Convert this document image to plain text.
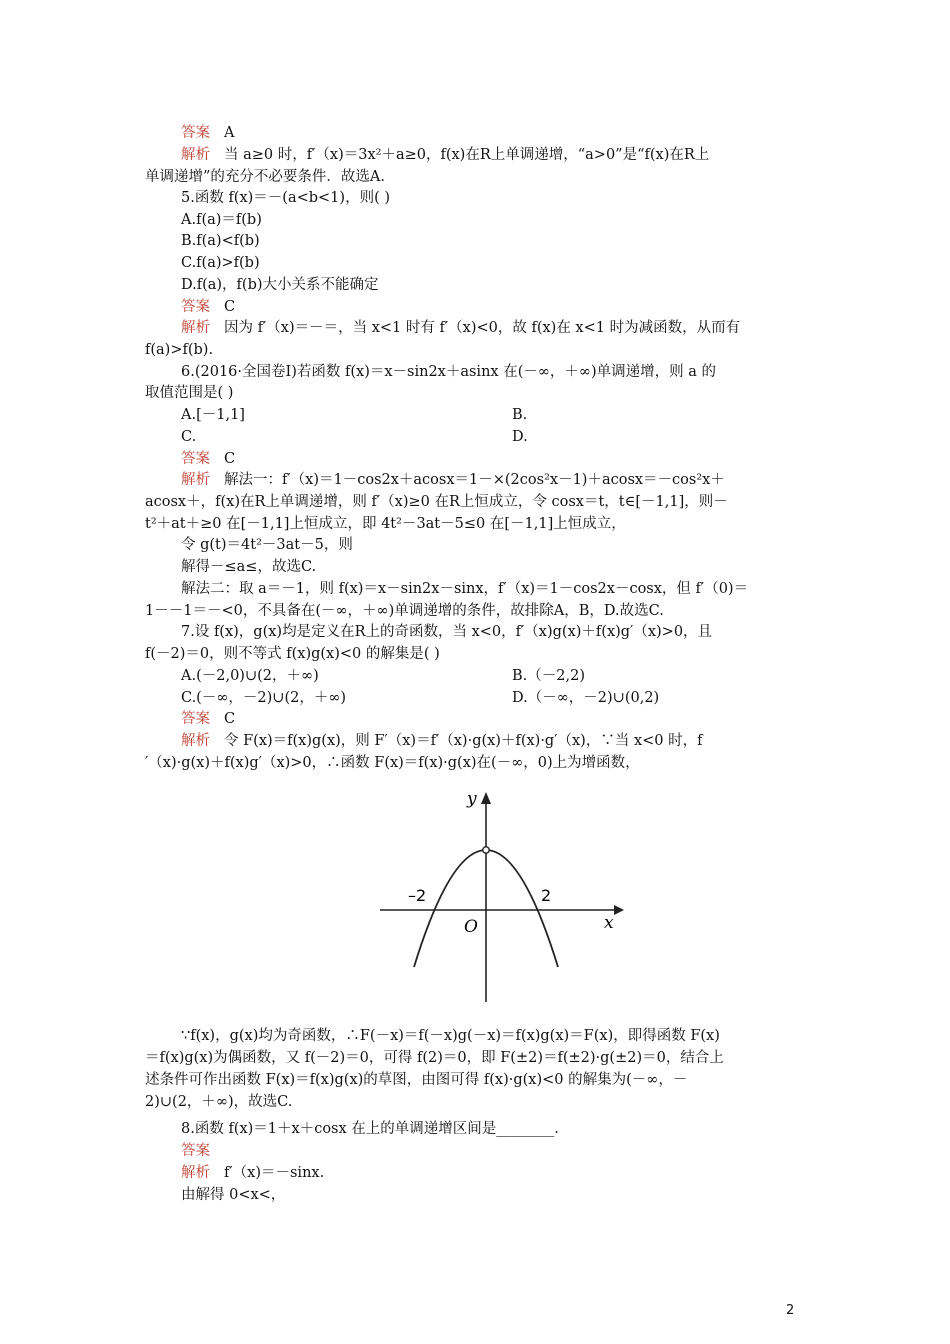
答案 A
解析 当 a≥0 时，f′（x)＝3x²＋a≥0，f(x)在R上单调递增，“a>0”是“f(x)在R上
单调递增”的充分不必要条件．故选A.
5.函数 f(x)＝－(a<b<1)，则( )
A.f(a)＝f(b)
B.f(a)<f(b)
C.f(a)>f(b)
D.f(a)，f(b)大小关系不能确定
答案 C
解析 因为 f′（x)＝－＝，当 x<1 时有 f′（x)<0，故 f(x)在 x<1 时为减函数，从而有
f(a)>f(b).
6.(2016·全国卷Ⅰ)若函数 f(x)＝x－sin2x＋asinx 在(－∞，＋∞)单调递增，则 a 的
取值范围是( )
A.[－1,1]	B.
C.	D.
答案 C
解析 解法一：f′（x)＝1－cos2x＋acosx＝1－×(2cos²x－1)＋acosx＝－cos²x＋
acosx＋，f(x)在R上单调递增，则 f′（x)≥0 在R上恒成立，令 cosx＝t，t∈[－1,1]，则－
t²＋at＋≥0 在[－1,1]上恒成立，即 4t²－3at－5≤0 在[－1,1]上恒成立，
令 g(t)＝4t²－3at－5，则
解得－≤a≤，故选C.
解法二：取 a＝－1，则 f(x)＝x－sin2x－sinx，f′（x)＝1－cos2x－cosx，但 f′（0)＝
1－－1＝－<0，不具备在(－∞，＋∞)单调递增的条件，故排除A，B，D.故选C.
7.设 f(x)，g(x)均是定义在R上的奇函数，当 x<0，f′（x)g(x)＋f(x)g′（x)>0，且
f(－2)＝0，则不等式 f(x)g(x)<0 的解集是( )
A.(－2,0)∪(2，＋∞)	B.（－2,2)
C.(－∞，－2)∪(2，＋∞)	D.（－∞，－2)∪(0,2)
答案 C
解析 令 F(x)＝f(x)g(x)，则 F′（x)＝f′（x)·g(x)＋f(x)·g′（x)，∵当 x<0 时，f
′（x)·g(x)＋f(x)g′（x)>0，∴函数 F(x)＝f(x)·g(x)在(－∞，0)上为增函数，
y
x
O
–2	2
∵f(x)，g(x)均为奇函数，∴F(－x)＝f(－x)g(－x)＝f(x)g(x)＝F(x)，即得函数 F(x)
＝f(x)g(x)为偶函数，又 f(－2)＝0，可得 f(2)＝0，即 F(±2)＝f(±2)·g(±2)＝0，结合上
述条件可作出函数 F(x)＝f(x)g(x)的草图，由图可得 f(x)·g(x)<0 的解集为(－∞，－
2)∪(2，＋∞)，故选C.
8.函数 f(x)＝1＋x＋cosx 在上的单调递增区间是________.
答案
解析 f′（x)＝－sinx.
由解得 0<x<，
2
